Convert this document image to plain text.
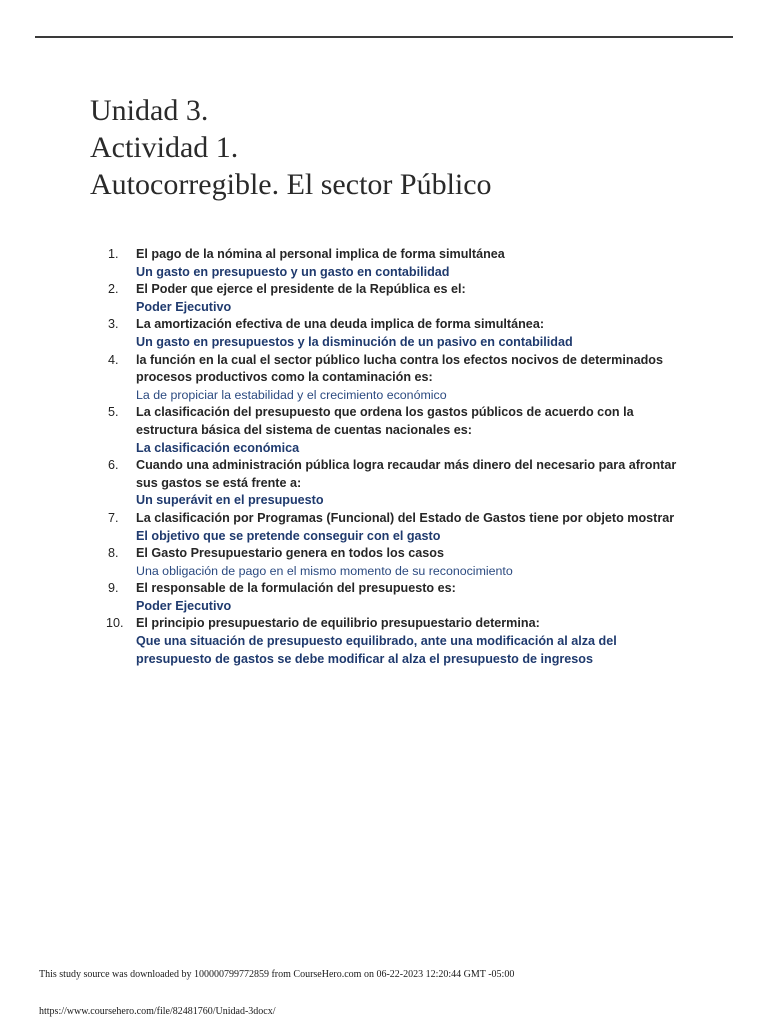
Unidad 3.
Actividad 1.
Autocorregible. El sector Público
1.	El pago de la nómina al personal implica de forma simultánea
Un gasto en presupuesto y un gasto en contabilidad
2.	El Poder que ejerce el presidente de la República es el:
Poder Ejecutivo
3.	La amortización efectiva de una deuda implica de forma simultánea:
Un gasto en presupuestos y la disminución de un pasivo en contabilidad
4.	la función en la cual el sector público lucha contra los efectos nocivos de determinados procesos productivos como la contaminación es:
La de propiciar la estabilidad y el crecimiento económico
5.	La clasificación del presupuesto que ordena los gastos públicos de acuerdo con la estructura básica del sistema de cuentas nacionales es:
La clasificación económica
6.	Cuando una administración pública logra recaudar más dinero del necesario para afrontar sus gastos se está frente a:
Un superávit en el presupuesto
7.	La clasificación por Programas (Funcional) del Estado de Gastos tiene por objeto mostrar
El objetivo que se pretende conseguir con el gasto
8.	El Gasto Presupuestario genera en todos los casos
Una obligación de pago en el mismo momento de su reconocimiento
9.	El responsable de la formulación del presupuesto es:
Poder Ejecutivo
10. El principio presupuestario de equilibrio presupuestario determina:
Que una situación de presupuesto equilibrado, ante una modificación al alza del presupuesto de gastos se debe modificar al alza el presupuesto de ingresos
This study source was downloaded by 100000799772859 from CourseHero.com on 06-22-2023 12:20:44 GMT -05:00
https://www.coursehero.com/file/82481760/Unidad-3docx/
